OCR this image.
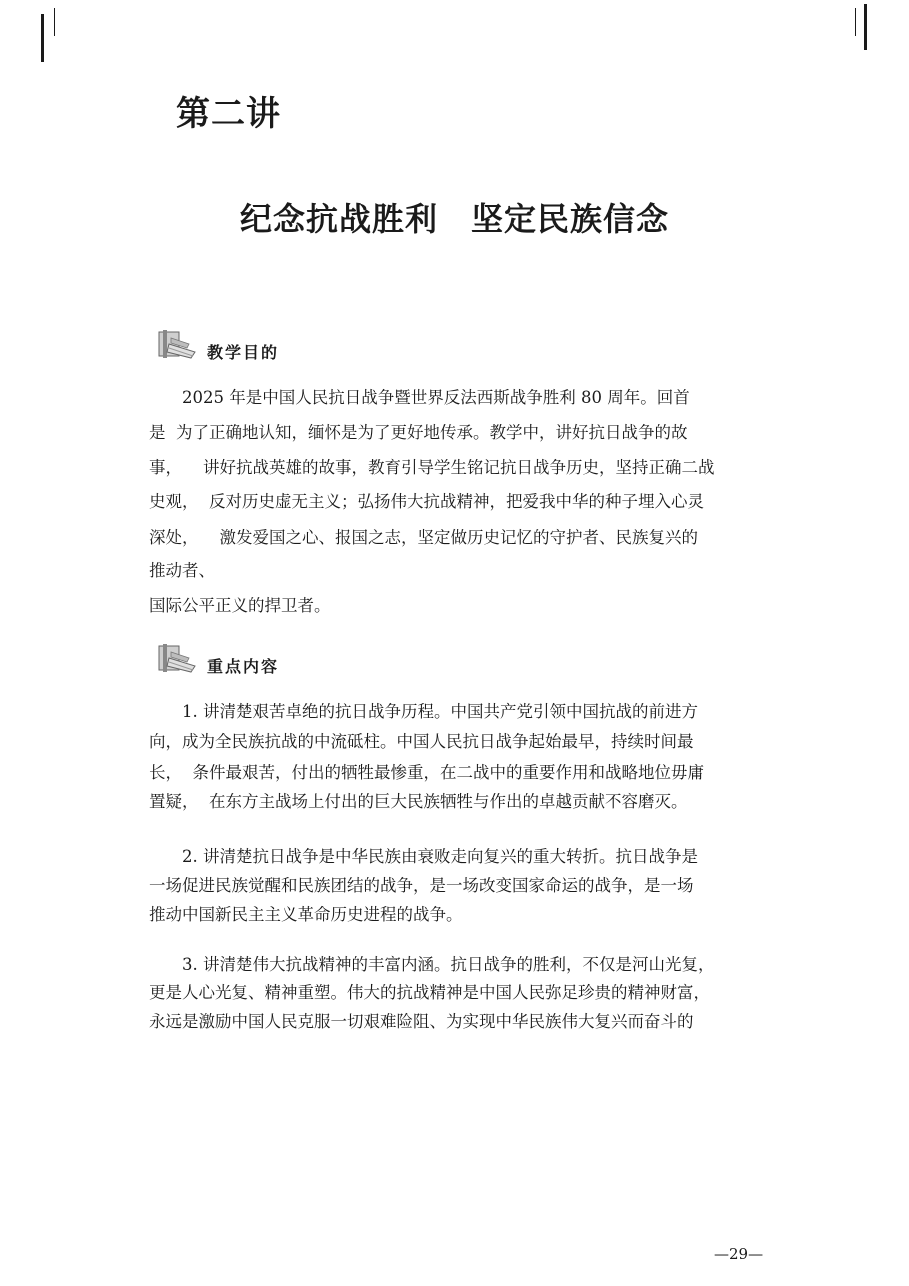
第二讲
纪念抗战胜利　坚定民族信念
教学目的
　　2025 年是中国人民抗日战争暨世界反法西斯战争胜利 80 周年。回首
是  为了正确地认知，缅怀是为了更好地传承。教学中，讲好抗日战争的故
事，    讲好抗战英雄的故事，教育引导学生铭记抗日战争历史，坚持正确二战
史观，  反对历史虚无主义；弘扬伟大抗战精神，把爱我中华的种子埋入心灵
深处，    激发爱国之心、报国之志，坚定做历史记忆的守护者、民族复兴的
推动者、
国际公平正义的捍卫者。
重点内容
　　1. 讲清楚艰苦卓绝的抗日战争历程。中国共产党引领中国抗战的前进方
向，成为全民族抗战的中流砥柱。中国人民抗日战争起始最早，持续时间最
长，  条件最艰苦，付出的牺牲最惨重，在二战中的重要作用和战略地位毋庸
置疑，  在东方主战场上付出的巨大民族牺牲与作出的卓越贡献不容磨灭。
　　2. 讲清楚抗日战争是中华民族由衰败走向复兴的重大转折。抗日战争是
一场促进民族觉醒和民族团结的战争，是一场改变国家命运的战争，是一场
推动中国新民主主义革命历史进程的战争。
　　3. 讲清楚伟大抗战精神的丰富内涵。抗日战争的胜利，不仅是河山光复，
更是人心光复、精神重塑。伟大的抗战精神是中国人民弥足珍贵的精神财富，
永远是激励中国人民克服一切艰难险阻、为实现中华民族伟大复兴而奋斗的
—29—
